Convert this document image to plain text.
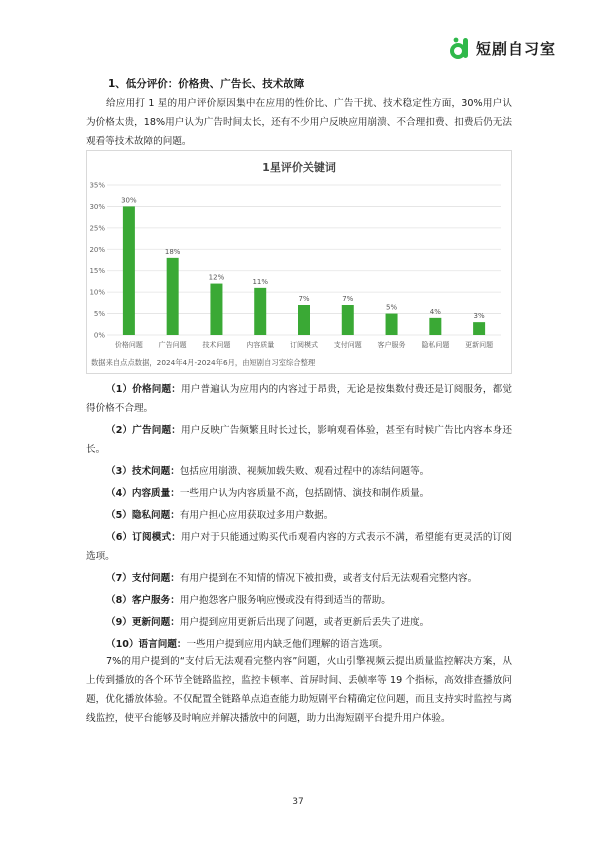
短剧自习室
1、低分评价：价格贵、广告长、技术故障
给应用打 1 星的用户评价原因集中在应用的性价比、广告干扰、技术稳定性方面，30%用户认为价格太贵，18%用户认为广告时间太长，还有不少用户反映应用崩溃、不合理扣费、扣费后仍无法观看等技术故障的问题。
1星评价关键词
0%
5%
10%
15%
20%
25%
30%
35%
30%
价格问题
18%
广告问题
12%
技术问题
11%
内容质量
7%
订阅模式
7%
支付问题
5%
客户服务
4%
隐私问题
3%
更新问题
数据来自点点数据，2024年4月-2024年6月，由短剧自习室综合整理
（1）价格问题：用户普遍认为应用内的内容过于昂贵，无论是按集数付费还是订阅服务，都觉得价格不合理。
（2）广告问题：用户反映广告频繁且时长过长，影响观看体验，甚至有时候广告比内容本身还长。
（3）技术问题：包括应用崩溃、视频加载失败、观看过程中的冻结问题等。
（4）内容质量：一些用户认为内容质量不高，包括剧情、演技和制作质量。
（5）隐私问题：有用户担心应用获取过多用户数据。
（6）订阅模式：用户对于只能通过购买代币观看内容的方式表示不满，希望能有更灵活的订阅选项。
（7）支付问题：有用户提到在不知情的情况下被扣费，或者支付后无法观看完整内容。
（8）客户服务：用户抱怨客户服务响应慢或没有得到适当的帮助。
（9）更新问题：用户提到应用更新后出现了问题，或者更新后丢失了进度。
（10）语言问题：一些用户提到应用内缺乏他们理解的语言选项。
7%的用户提到的“支付后无法观看完整内容”问题，火山引擎视频云提出质量监控解决方案，从上传到播放的各个环节全链路监控，监控卡顿率、首屏时间、丢帧率等 19 个指标，高效排查播放问题，优化播放体验。不仅配置全链路单点追查能力助短剧平台精确定位问题，而且支持实时监控与离线监控，使平台能够及时响应并解决播放中的问题，助力出海短剧平台提升用户体验。
37
